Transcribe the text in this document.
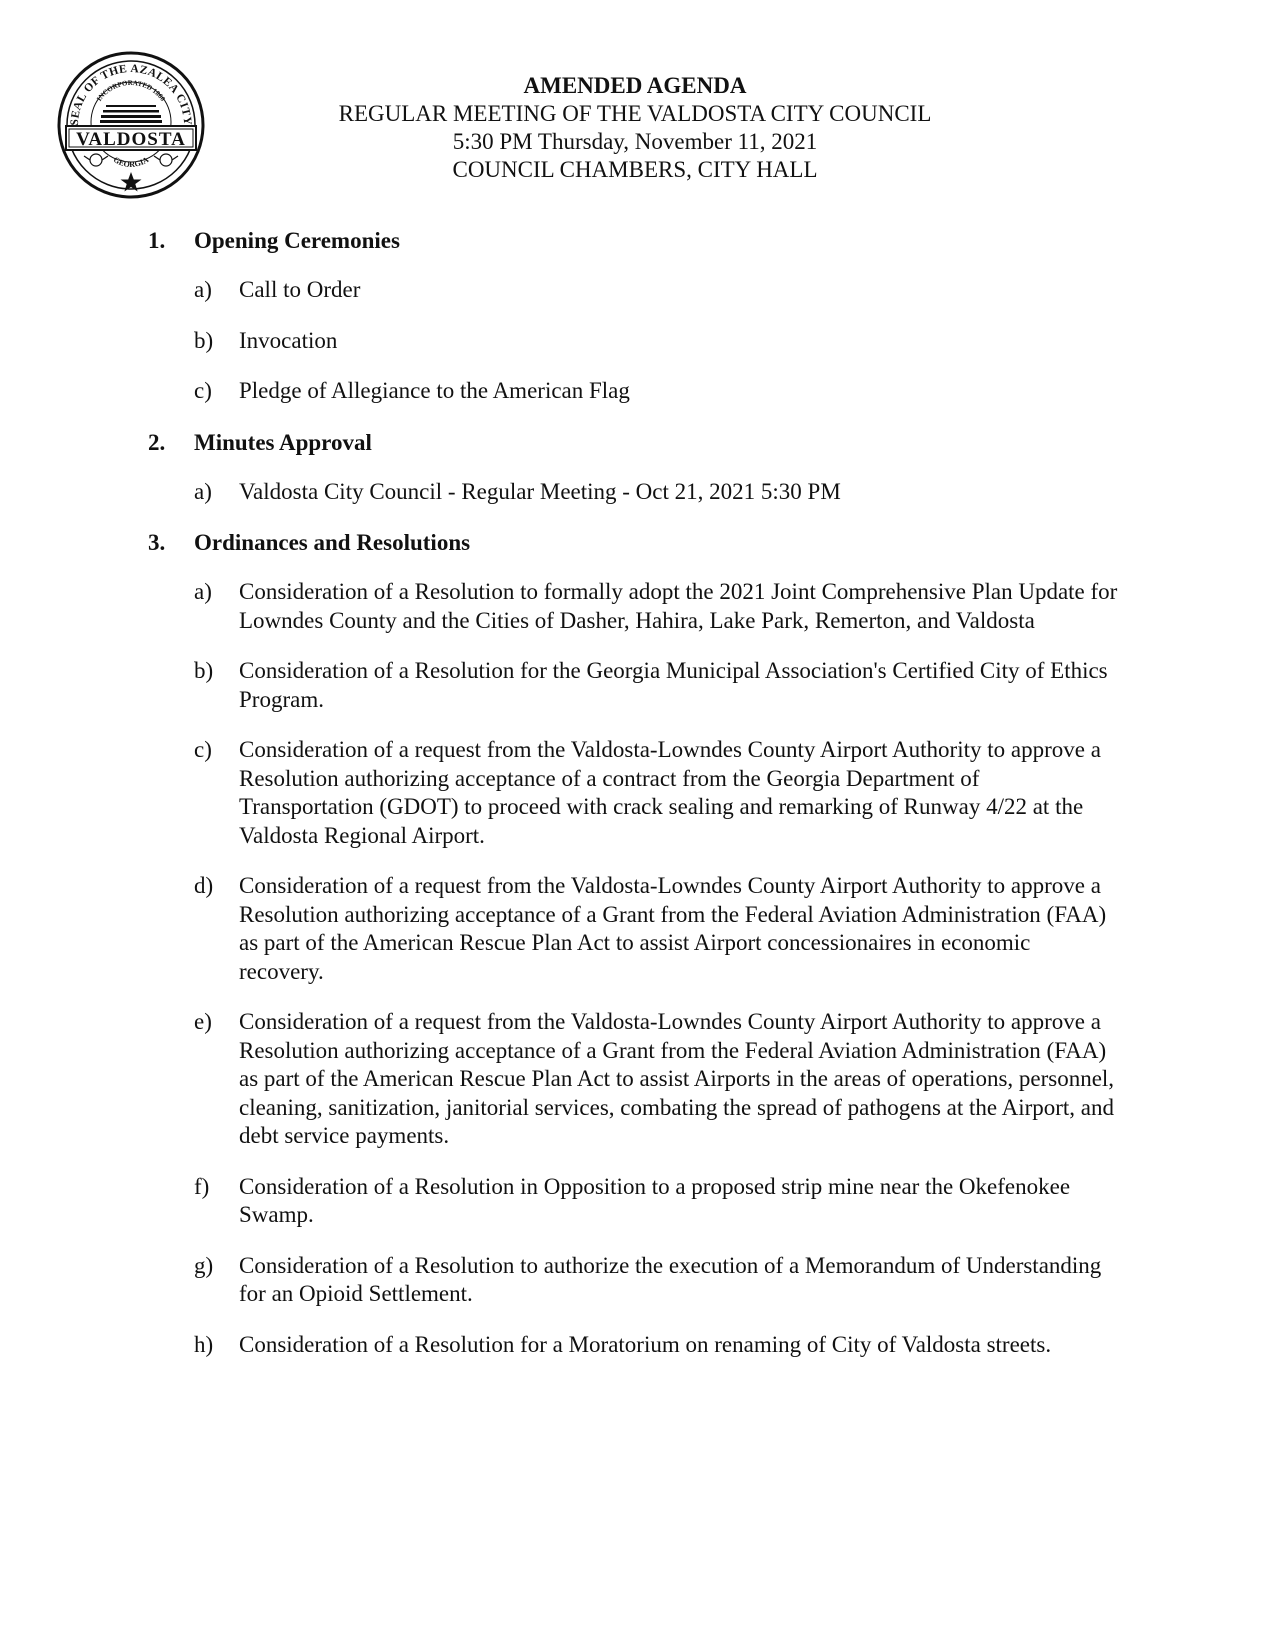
SEAL OF THE AZALEA CITY
INCORPORATED 1860
VALDOSTA
GEORGIA
AMENDED AGENDA
REGULAR MEETING OF THE VALDOSTA CITY COUNCIL
5:30 PM Thursday, November 11, 2021
COUNCIL CHAMBERS, CITY HALL
1. Opening Ceremonies
a) Call to Order
b) Invocation
c) Pledge of Allegiance to the American Flag
2. Minutes Approval
a) Valdosta City Council - Regular Meeting - Oct 21, 2021 5:30 PM
3. Ordinances and Resolutions
a) Consideration of a Resolution to formally adopt the 2021 Joint Comprehensive Plan Update for Lowndes County and the Cities of Dasher, Hahira, Lake Park, Remerton, and Valdosta
b) Consideration of a Resolution for the Georgia Municipal Association's Certified City of Ethics Program.
c) Consideration of a request from the Valdosta-Lowndes County Airport Authority to approve a Resolution authorizing acceptance of a contract from the Georgia Department of Transportation (GDOT) to proceed with crack sealing and remarking of Runway 4/22 at the Valdosta Regional Airport.
d) Consideration of a request from the Valdosta-Lowndes County Airport Authority to approve a Resolution authorizing acceptance of a Grant from the Federal Aviation Administration (FAA) as part of the American Rescue Plan Act to assist Airport concessionaires in economic recovery.
e) Consideration of a request from the Valdosta-Lowndes County Airport Authority to approve a Resolution authorizing acceptance of a Grant from the Federal Aviation Administration (FAA) as part of the American Rescue Plan Act to assist Airports in the areas of operations, personnel, cleaning, sanitization, janitorial services, combating the spread of pathogens at the Airport, and debt service payments.
f) Consideration of a Resolution in Opposition to a proposed strip mine near the Okefenokee Swamp.
g) Consideration of a Resolution to authorize the execution of a Memorandum of Understanding for an Opioid Settlement.
h) Consideration of a Resolution for a Moratorium on renaming of City of Valdosta streets.
